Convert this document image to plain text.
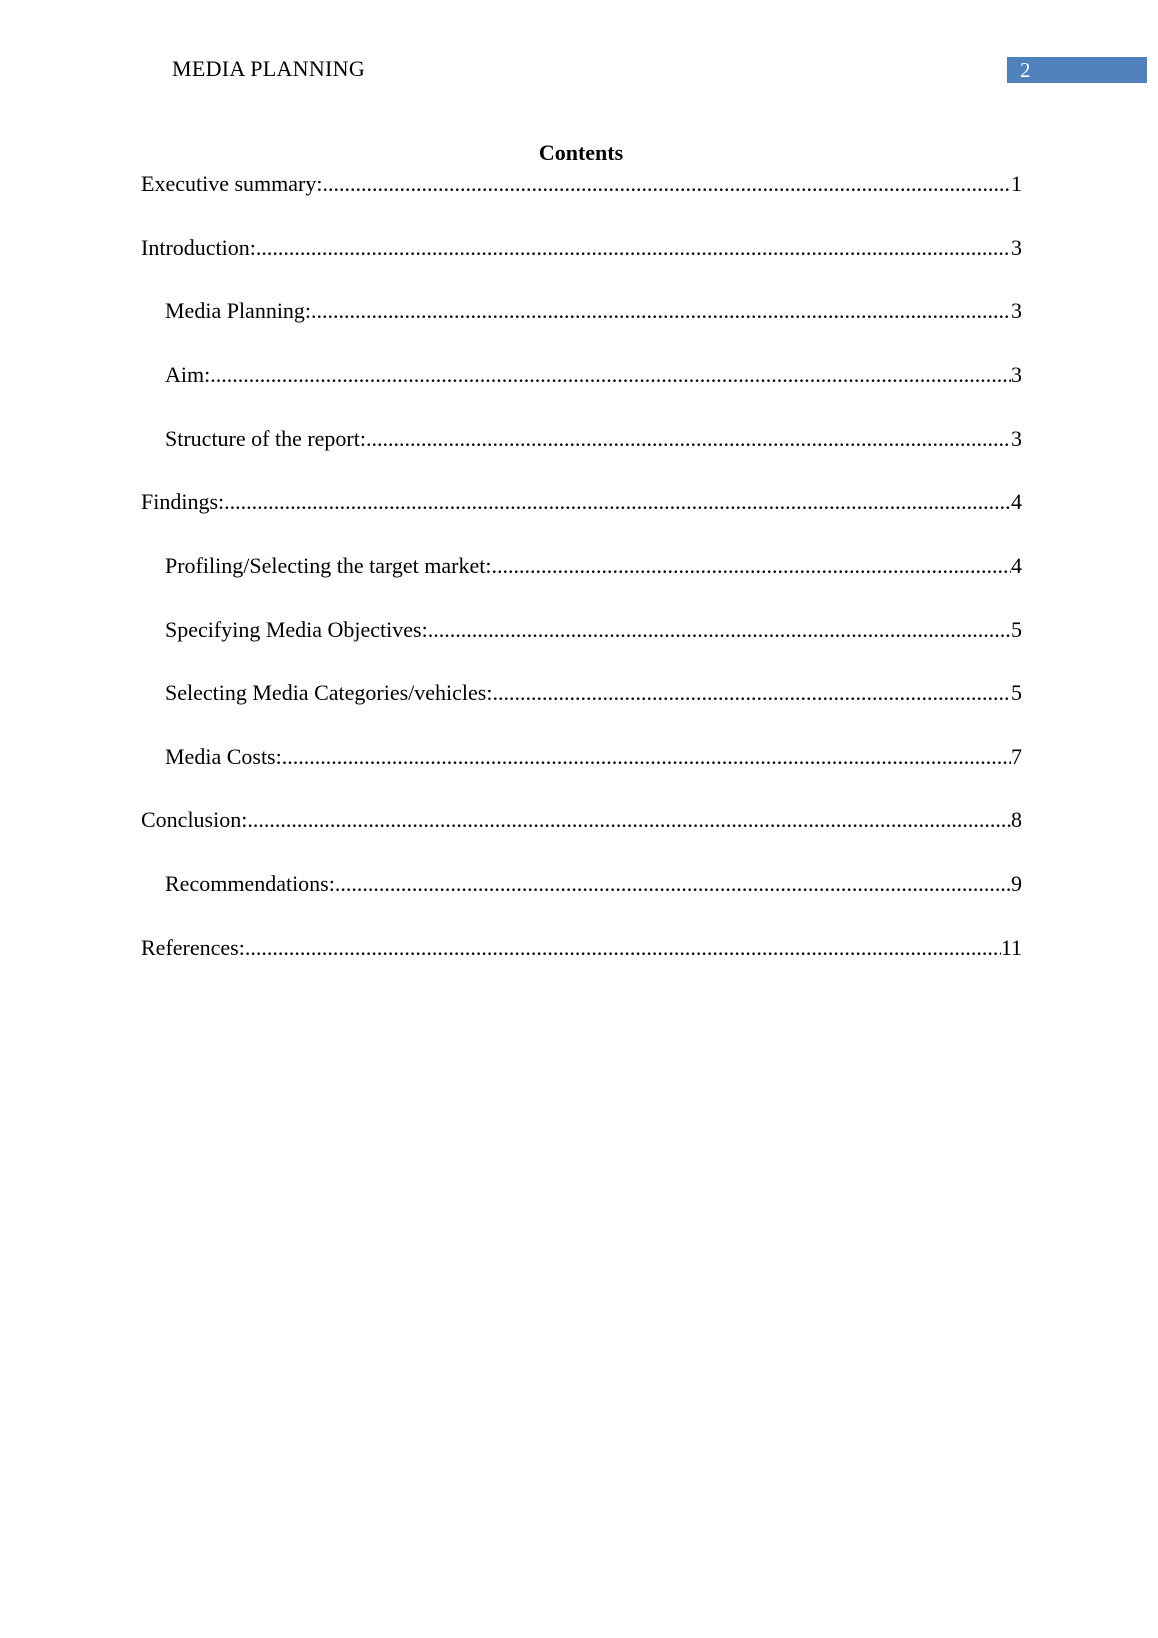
MEDIA PLANNING	2
Contents
Executive summary: .....	1
Introduction: .....	3
Media Planning: .....	3
Aim: .....	3
Structure of the report: .....	3
Findings: .....	4
Profiling/Selecting the target market: .....	4
Specifying Media Objectives: .....	5
Selecting Media Categories/vehicles: .....	5
Media Costs: .....	7
Conclusion: .....	8
Recommendations: .....	9
References: .....	11
